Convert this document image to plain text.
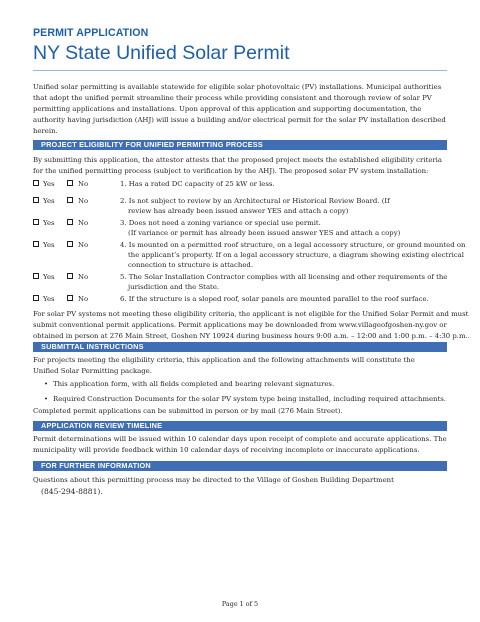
PERMIT APPLICATION
NY State Unified Solar Permit
Unified solar permitting is available statewide for eligible solar photovoltaic (PV) installations. Municipal authorities
that adopt the unified permit streamline their process while providing consistent and thorough review of solar PV
permitting applications and installations. Upon approval of this application and supporting documentation, the
authority having jurisdiction (AHJ) will issue a building and/or electrical permit for the solar PV installation described
herein.
PROJECT ELIGIBILITY FOR UNIFIED PERMITTING PROCESS
By submitting this application, the attestor attests that the proposed project meets the established eligibility criteria
for the unified permitting process (subject to verification by the AHJ). The proposed solar PV system installation:
Yes	No	1. Has a rated DC capacity of 25 kW or less.
Yes	No	2. Is not subject to review by an Architectural or Historical Review Board. (If
review has already been issued answer YES and attach a copy)
Yes	No	3. Does not need a zoning variance or special use permit.
(If variance or permit has already been issued answer YES and attach a copy)
Yes	No	4. Is mounted on a permitted roof structure, on a legal accessory structure, or ground mounted on
the applicant’s property. If on a legal accessory structure, a diagram showing existing electrical
connection to structure is attached.
Yes	No	5. The Solar Installation Contractor complies with all licensing and other requirements of the
jurisdiction and the State.
Yes	No	6. If the structure is a sloped roof, solar panels are mounted parallel to the roof surface.
For solar PV systems not meeting these eligibility criteria, the applicant is not eligible for the Unified Solar Permit and must
submit conventional permit applications. Permit applications may be downloaded from www.villageofgoshen-ny.gov or
obtained in person at 276 Main Street, Goshen NY 10924 during business hours 9:00 a.m. – 12:00 and 1:00 p.m. – 4:30 p.m..
SUBMITTAL INSTRUCTIONS
For projects meeting the eligibility criteria, this application and the following attachments will constitute the
Unified Solar Permitting package.
• This application form, with all fields completed and bearing relevant signatures.
• Required Construction Documents for the solar PV system type being installed, including required attachments.
Completed permit applications can be submitted in person or by mail (276 Main Street).
APPLICATION REVIEW TIMELINE
Permit determinations will be issued within 10 calendar days upon receipt of complete and accurate applications. The
municipality will provide feedback within 10 calendar days of receiving incomplete or inaccurate applications.
FOR FURTHER INFORMATION
Questions about this permitting process may be directed to the Village of Goshen Building Department
(845-294-8881).
Page 1 of 5
